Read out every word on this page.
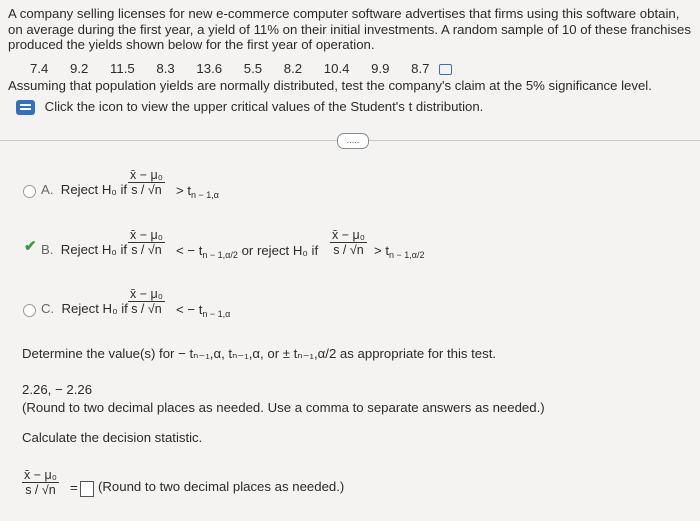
A company selling licenses for new e-commerce computer software advertises that firms using this software obtain, on average during the first year, a yield of 11% on their initial investments. A random sample of 10 of these franchises produced the yields shown below for the first year of operation.
7.4 9.2 11.5 8.3 13.6 5.5 8.2 10.4 9.9 8.7
Assuming that population yields are normally distributed, test the company's claim at the 5% significance level.
Click the icon to view the upper critical values of the Student's t distribution.
.....
A. Reject H₀ if $\frac{\text{x̄ − μ₀}}{s / √n} > t_{n - 1,\alpha}$
✔ B. Reject H₀ if $\frac{\text{x̄ − μ₀}}{s / √n}$ < − $t_{n - 1,\alpha/2}$ or reject H₀ if $\frac{\text{x̄ − μ₀}}{s / √n} > t_{n - 1,\alpha/2}$
C. Reject H₀ if $\frac{\text{x̄ − μ₀}}{s / √n}$ < − $t_{n - 1,\alpha}$
Determine the value(s) for − tₙ₋₁,α, tₙ₋₁,α, or ± tₙ₋₁,α/2 as appropriate for this test.
2.26, − 2.26
(Round to two decimal places as needed. Use a comma to separate answers as needed.)
Calculate the decision statistic.
$\frac{\text{x̄ − μ₀}}{s / √n}$ = (Round to two decimal places as needed.)
